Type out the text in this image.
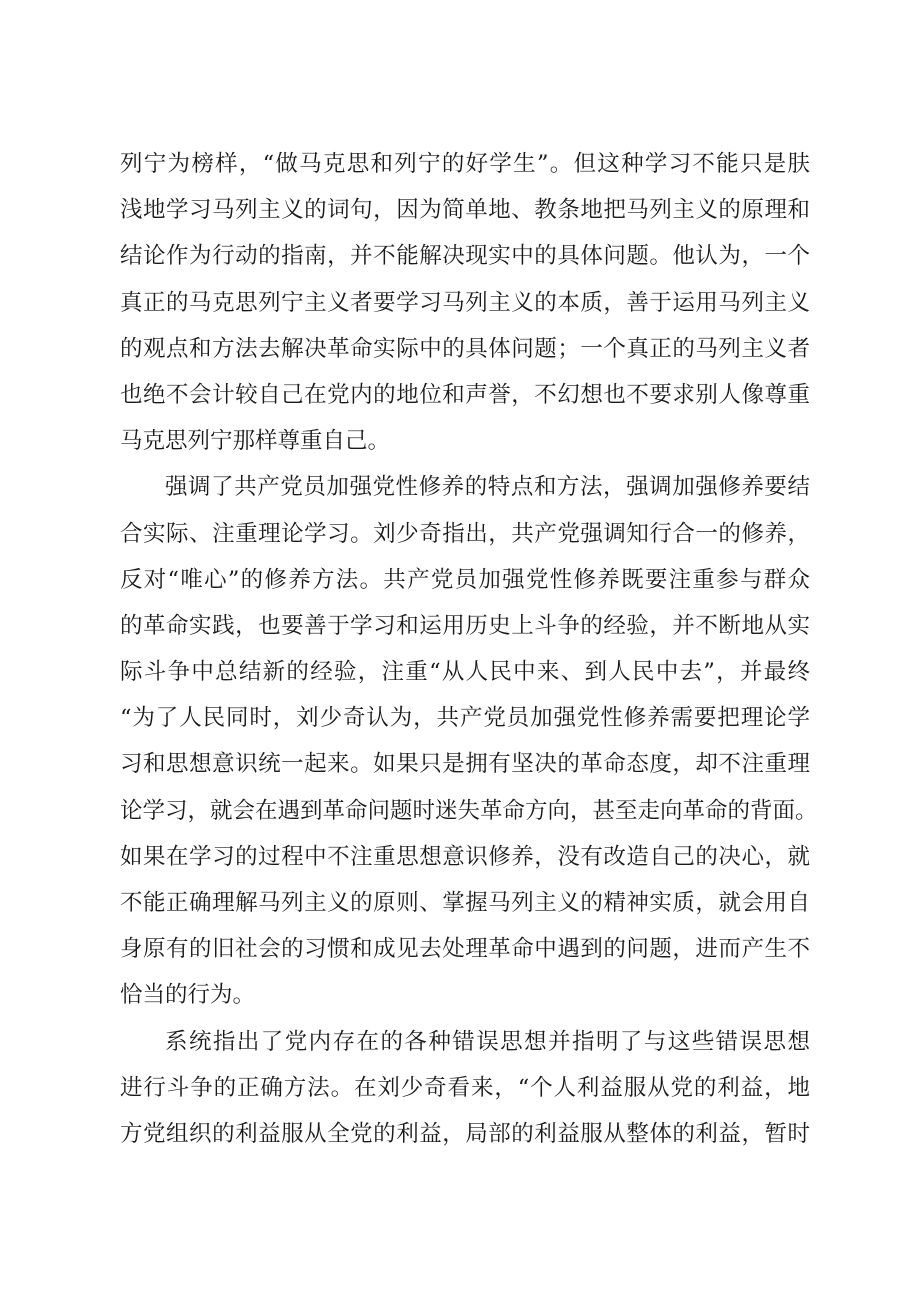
列宁为榜样，“做马克思和列宁的好学生”。但这种学习不能只是肤
浅地学习马列主义的词句，因为简单地、教条地把马列主义的原理和
结论作为行动的指南，并不能解决现实中的具体问题。他认为，一个
真正的马克思列宁主义者要学习马列主义的本质，善于运用马列主义
的观点和方法去解决革命实际中的具体问题；一个真正的马列主义者
也绝不会计较自己在党内的地位和声誉，不幻想也不要求别人像尊重
马克思列宁那样尊重自己。
强调了共产党员加强党性修养的特点和方法，强调加强修养要结
合实际、注重理论学习。刘少奇指出，共产党强调知行合一的修养，
反对“唯心”的修养方法。共产党员加强党性修养既要注重参与群众
的革命实践，也要善于学习和运用历史上斗争的经验，并不断地从实
际斗争中总结新的经验，注重“从人民中来、到人民中去”，并最终
“为了人民同时，刘少奇认为，共产党员加强党性修养需要把理论学
习和思想意识统一起来。如果只是拥有坚决的革命态度，却不注重理
论学习，就会在遇到革命问题时迷失革命方向，甚至走向革命的背面。
如果在学习的过程中不注重思想意识修养，没有改造自己的决心，就
不能正确理解马列主义的原则、掌握马列主义的精神实质，就会用自
身原有的旧社会的习惯和成见去处理革命中遇到的问题，进而产生不
恰当的行为。
系统指出了党内存在的各种错误思想并指明了与这些错误思想
进行斗争的正确方法。在刘少奇看来，“个人利益服从党的利益，地
方党组织的利益服从全党的利益，局部的利益服从整体的利益，暂时
